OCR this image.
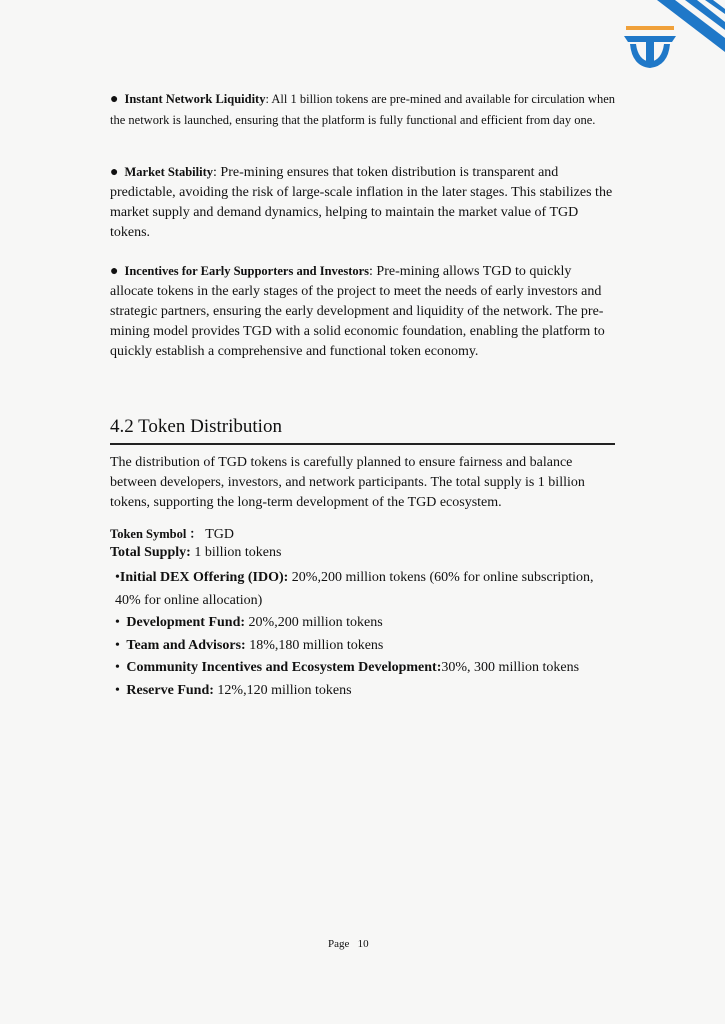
● Instant Network Liquidity: All 1 billion tokens are pre-mined and available for circulation when the network is launched, ensuring that the platform is fully functional and efficient from day one.

● Market Stability: Pre-mining ensures that token distribution is transparent and predictable, avoiding the risk of large-scale inflation in the later stages. This stabilizes the market supply and demand dynamics, helping to maintain the market value of TGD tokens.

● Incentives for Early Supporters and Investors: Pre-mining allows TGD to quickly allocate tokens in the early stages of the project to meet the needs of early investors and strategic partners, ensuring the early development and liquidity of the network. The pre-mining model provides TGD with a solid economic foundation, enabling the platform to quickly establish a comprehensive and functional token economy.

4.2 Token Distribution

The distribution of TGD tokens is carefully planned to ensure fairness and balance between developers, investors, and network participants. The total supply is 1 billion tokens, supporting the long-term development of the TGD ecosystem.

Token Symbol ： TGD
Total Supply: 1 billion tokens
•Initial DEX Offering (IDO): 20%,200 million tokens (60% for online subscription, 40% for online allocation)
• Development Fund: 20%,200 million tokens
• Team and Advisors: 18%,180 million tokens
• Community Incentives and Ecosystem Development:30%, 300 million tokens
• Reserve Fund: 12%,120 million tokens
Page 10
